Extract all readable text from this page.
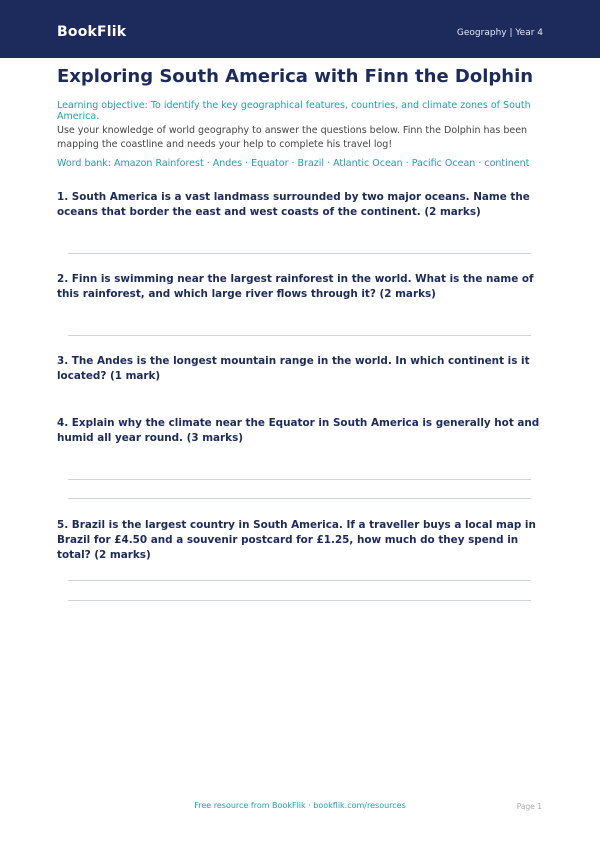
BookFlik	Geography | Year 4
Exploring South America with Finn the Dolphin
Learning objective: To identify the key geographical features, countries, and climate zones of South America.
Use your knowledge of world geography to answer the questions below. Finn the Dolphin has been mapping the coastline and needs your help to complete his travel log!
Word bank: Amazon Rainforest · Andes · Equator · Brazil · Atlantic Ocean · Pacific Ocean · continent
1. South America is a vast landmass surrounded by two major oceans. Name the oceans that border the east and west coasts of the continent. (2 marks)
2. Finn is swimming near the largest rainforest in the world. What is the name of this rainforest, and which large river flows through it? (2 marks)
3. The Andes is the longest mountain range in the world. In which continent is it located? (1 mark)
4. Explain why the climate near the Equator in South America is generally hot and humid all year round. (3 marks)
5. Brazil is the largest country in South America. If a traveller buys a local map in Brazil for £4.50 and a souvenir postcard for £1.25, how much do they spend in total? (2 marks)
Free resource from BookFlik · bookflik.com/resources	Page 1
